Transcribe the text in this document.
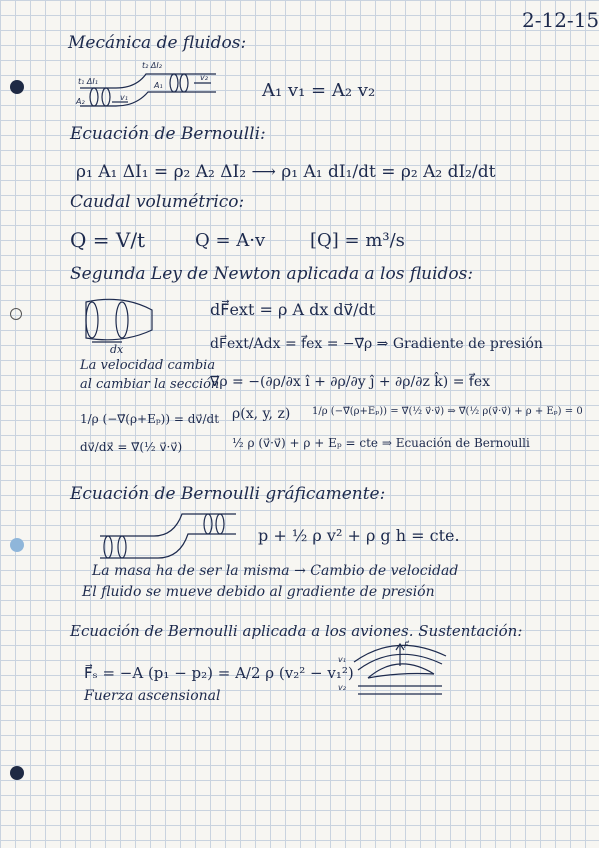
2-12-15
Mecánica de fluidos:
t₁ ΔI₁
t₂ ΔI₂
A₁
v₁
v₂
A₂
A₁ v₁ = A₂ v₂
Ecuación de Bernoulli:
ρ₁ A₁ ΔI₁ = ρ₂ A₂ ΔI₂ ⟶ ρ₁ A₁ dI₁/dt = ρ₂ A₂ dI₂/dt
Caudal volumétrico:
Q = V/t	Q = A·v [Q] = m³/s
Segunda Ley de Newton aplicada a los fluidos:
dx
La velocidad cambia
al cambiar la sección
dF⃗ext = ρ A dx dv⃗/dt
dF⃗ext/Adx = f⃗ex = −∇⃗ρ ⇒ Gradiente de presión
∇⃗ρ = −(∂ρ/∂x î + ∂ρ/∂y ĵ + ∂ρ/∂z k̂) = f⃗ex
ρ(x, y, z) 1/ρ (−∇⃗(ρ+Eₚ)) = ∇⃗(½ v⃗·v⃗) ⇒ ∇⃗(½ ρ(v⃗·v⃗) + ρ + Eₚ) = 0
1/ρ (−∇⃗(ρ+Eₚ)) = dv⃗/dt
dv⃗/dx⃗ = ∇⃗(½ v⃗·v⃗)	½ ρ (v⃗·v⃗) + ρ + Eₚ = cte ⇒ Ecuación de Bernoulli
Ecuación de Bernoulli gráficamente:
p + ½ ρ v² + ρ g h = cte.
La masa ha de ser la misma → Cambio de velocidad
El fluido se mueve debido al gradiente de presión
Ecuación de Bernoulli aplicada a los aviones. Sustentación:
F⃗ₛ = −A (p₁ − p₂) = A/2 ρ (v₂² − v₁²)
Fuerza ascensional
v₁
v₂
F⃗
